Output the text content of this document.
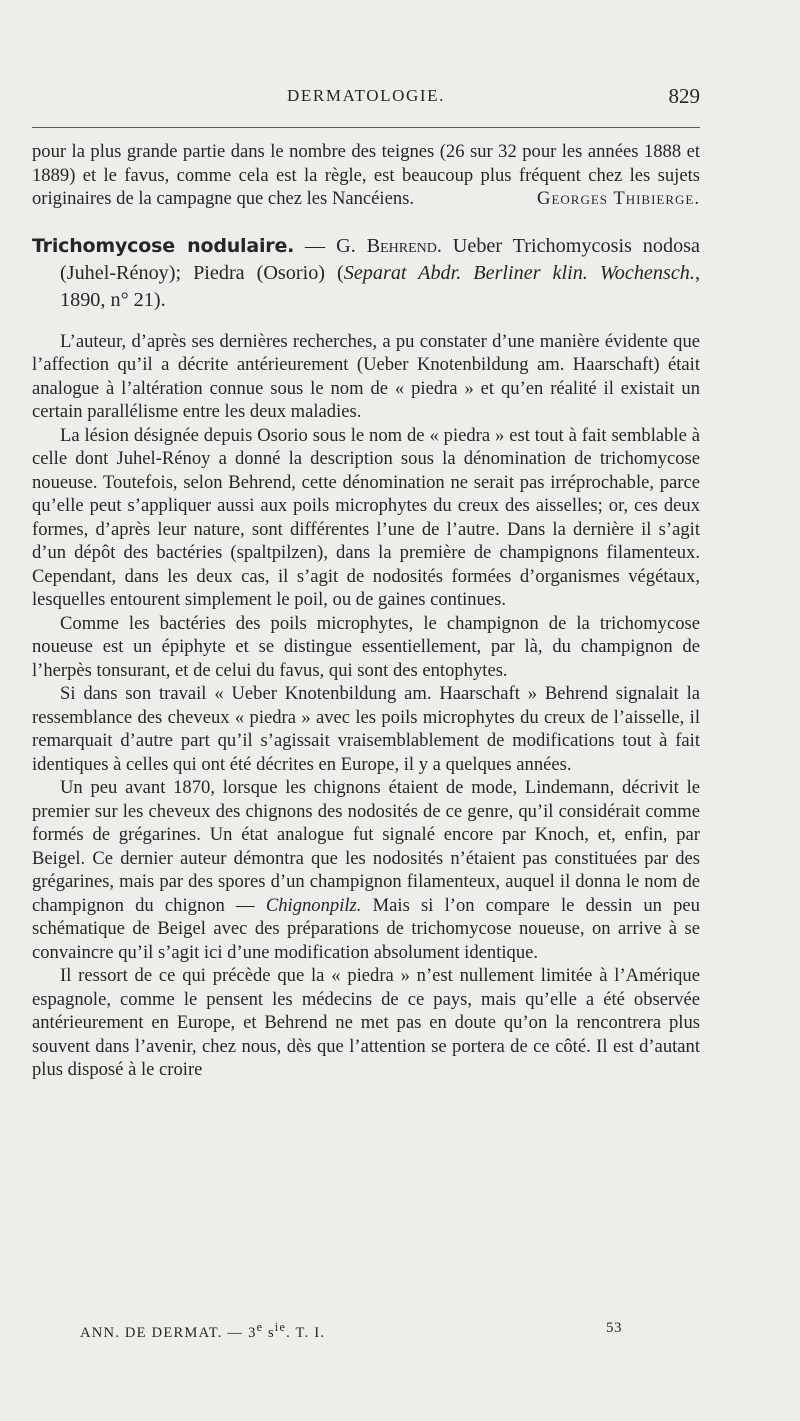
DERMATOLOGIE.	829

pour la plus grande partie dans le nombre des teignes (26 sur 32 pour les années 1888 et 1889) et le favus, comme cela est la règle, est beaucoup plus fréquent chez les sujets originaires de la campagne que chez les Nancéiens.	Georges Thibierge.
Trichomycose nodulaire. — G. Behrend. Ueber Trichomycosis nodosa (Juhel-Rénoy); Piedra (Osorio) (Separat Abdr. Berliner klin. Wochensch., 1890, n° 21).

L’auteur, d’après ses dernières recherches, a pu constater d’une manière évidente que l’affection qu’il a décrite antérieurement (Ueber Knotenbildung am. Haarschaft) était analogue à l’altération connue sous le nom de « piedra » et qu’en réalité il existait un certain parallélisme entre les deux maladies.

La lésion désignée depuis Osorio sous le nom de « piedra » est tout à fait semblable à celle dont Juhel-Rénoy a donné la description sous la dénomination de trichomycose noueuse. Toutefois, selon Behrend, cette dénomination ne serait pas irréprochable, parce qu’elle peut s’appliquer aussi aux poils microphytes du creux des aisselles; or, ces deux formes, d’après leur nature, sont différentes l’une de l’autre. Dans la dernière il s’agit d’un dépôt des bactéries (spaltpilzen), dans la première de champignons filamenteux. Cependant, dans les deux cas, il s’agit de nodosités formées d’organismes végétaux, lesquelles entourent simplement le poil, ou de gaines continues.

Comme les bactéries des poils microphytes, le champignon de la trichomycose noueuse est un épiphyte et se distingue essentiellement, par là, du champignon de l’herpès tonsurant, et de celui du favus, qui sont des entophytes.

Si dans son travail « Ueber Knotenbildung am. Haarschaft » Behrend signalait la ressemblance des cheveux « piedra » avec les poils microphytes du creux de l’aisselle, il remarquait d’autre part qu’il s’agissait vraisemblablement de modifications tout à fait identiques à celles qui ont été décrites en Europe, il y a quelques années.

Un peu avant 1870, lorsque les chignons étaient de mode, Lindemann, décrivit le premier sur les cheveux des chignons des nodosités de ce genre, qu’il considérait comme formés de grégarines. Un état analogue fut signalé encore par Knoch, et, enfin, par Beigel. Ce dernier auteur démontra que les nodosités n’étaient pas constituées par des grégarines, mais par des spores d’un champignon filamenteux, auquel il donna le nom de champignon du chignon — Chignonpilz. Mais si l’on compare le dessin un peu schématique de Beigel avec des préparations de trichomycose noueuse, on arrive à se convaincre qu’il s’agit ici d’une modification absolument identique.

Il ressort de ce qui précède que la « piedra » n’est nullement limitée à l’Amérique espagnole, comme le pensent les médecins de ce pays, mais qu’elle a été observée antérieurement en Europe, et Behrend ne met pas en doute qu’on la rencontrera plus souvent dans l’avenir, chez nous, dès que l’attention se portera de ce côté. Il est d’autant plus disposé à le croire

ANN. DE DERMAT. — 3e $s^{ie}$. T. I.	53
